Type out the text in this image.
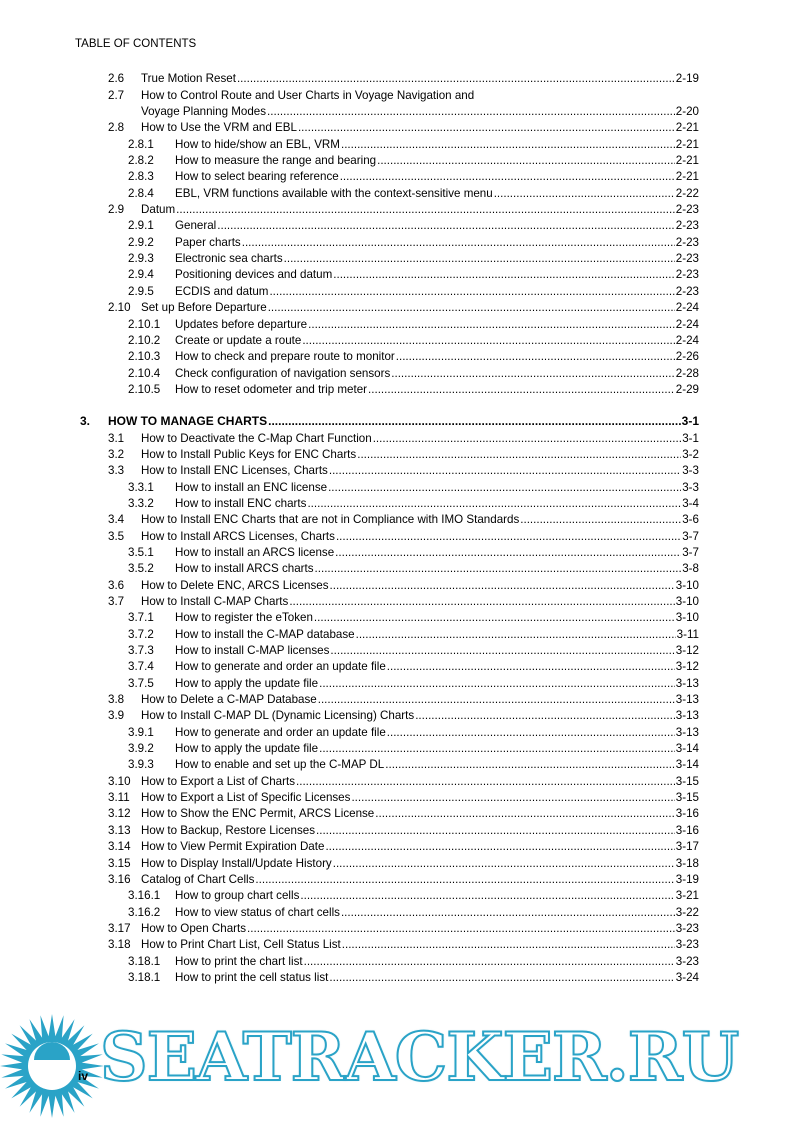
TABLE OF CONTENTS
2.6	True Motion Reset .....	2-19
2.7	How to Control Route and User Charts in Voyage Navigation and
Voyage Planning Modes .....	2-20
2.8	How to Use the VRM and EBL .....	2-21
2.8.1	How to hide/show an EBL, VRM .....	2-21
2.8.2	How to measure the range and bearing .....	2-21
2.8.3	How to select bearing reference .....	2-21
2.8.4	EBL, VRM functions available with the context-sensitive menu .....	2-22
2.9	Datum .....	2-23
2.9.1	General .....	2-23
2.9.2	Paper charts .....	2-23
2.9.3	Electronic sea charts .....	2-23
2.9.4	Positioning devices and datum .....	2-23
2.9.5	ECDIS and datum .....	2-23
2.10 Set up Before Departure .....	2-24
2.10.1	Updates before departure .....	2-24
2.10.2	Create or update a route .....	2-24
2.10.3	How to check and prepare route to monitor .....	2-26
2.10.4	Check configuration of navigation sensors .....	2-28
2.10.5	How to reset odometer and trip meter .....	2-29
3.	HOW TO MANAGE CHARTS .....	3-1
3.1	How to Deactivate the C-Map Chart Function .....	3-1
3.2	How to Install Public Keys for ENC Charts .....	3-2
3.3	How to Install ENC Licenses, Charts .....	3-3
3.3.1	How to install an ENC license .....	3-3
3.3.2	How to install ENC charts .....	3-4
3.4	How to Install ENC Charts that are not in Compliance with IMO Standards .....	3-6
3.5	How to Install ARCS Licenses, Charts .....	3-7
3.5.1	How to install an ARCS license .....	3-7
3.5.2	How to install ARCS charts .....	3-8
3.6	How to Delete ENC, ARCS Licenses .....	3-10
3.7	How to Install C-MAP Charts .....	3-10
3.7.1	How to register the eToken .....	3-10
3.7.2	How to install the C-MAP database .....	3-11
3.7.3	How to install C-MAP licenses .....	3-12
3.7.4	How to generate and order an update file .....	3-12
3.7.5	How to apply the update file .....	3-13
3.8	How to Delete a C-MAP Database .....	3-13
3.9	How to Install C-MAP DL (Dynamic Licensing) Charts .....	3-13
3.9.1	How to generate and order an update file .....	3-13
3.9.2	How to apply the update file .....	3-14
3.9.3	How to enable and set up the C-MAP DL .....	3-14
3.10 How to Export a List of Charts .....	3-15
3.11 How to Export a List of Specific Licenses .....	3-15
3.12 How to Show the ENC Permit, ARCS License .....	3-16
3.13 How to Backup, Restore Licenses .....	3-16
3.14 How to View Permit Expiration Date .....	3-17
3.15 How to Display Install/Update History .....	3-18
3.16 Catalog of Chart Cells .....	3-19
3.16.1	How to group chart cells .....	3-21
3.16.2	How to view status of chart cells .....	3-22
3.17 How to Open Charts .....	3-23
3.18 How to Print Chart List, Cell Status List .....	3-23
3.18.1	How to print the chart list .....	3-23
3.18.1	How to print the cell status list .....	3-24
SEATRACKER.RU
iv
